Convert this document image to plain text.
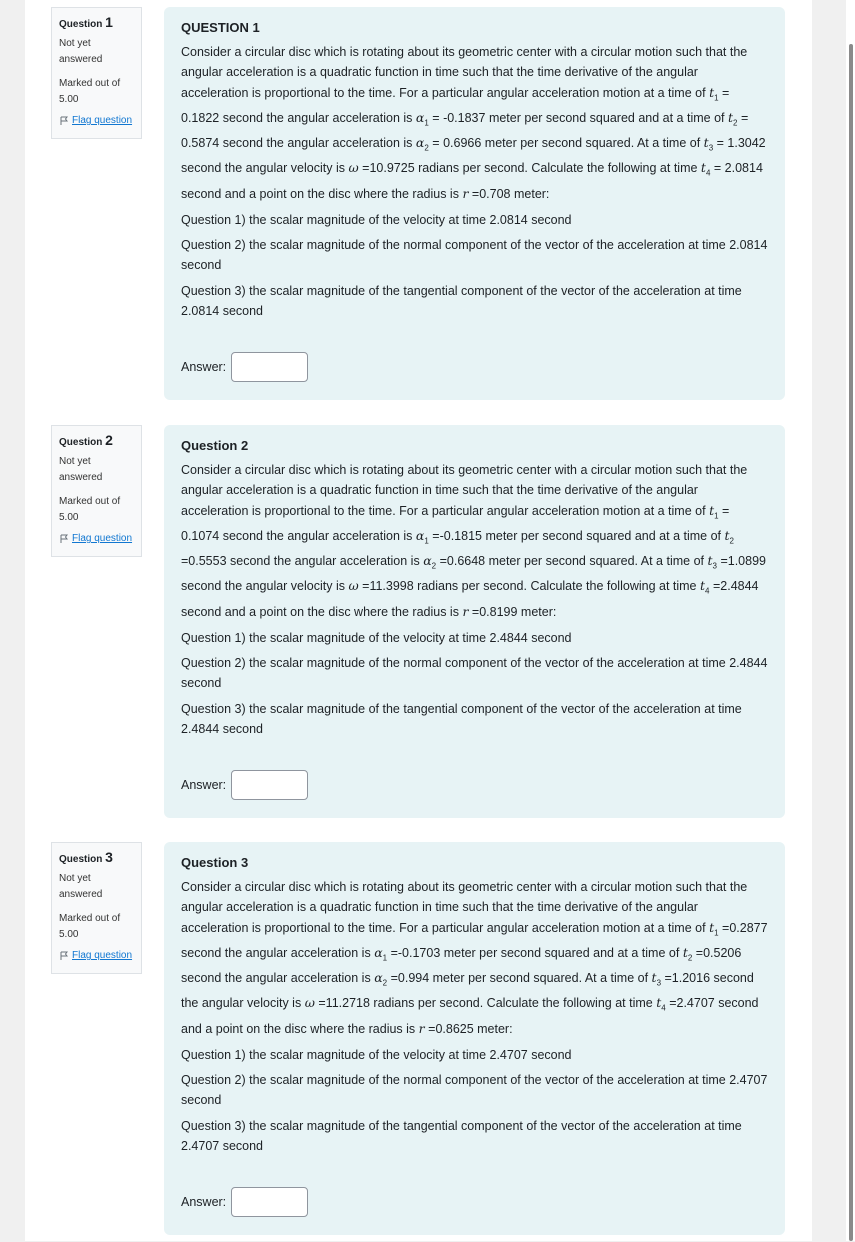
Question 1
Not yet answered
Marked out of 5.00
Flag question
QUESTION 1
Consider a circular disc which is rotating about its geometric center with a circular motion such that the angular acceleration is a quadratic function in time such that the time derivative of the angular acceleration is proportional to the time. For a particular angular acceleration motion at a time of $t_1 = 0.1822$ second the angular acceleration is $\alpha_1 = -0.1837$ meter per second squared and at a time of $t_2 = 0.5874$ second the angular acceleration is $\alpha_2 = 0.6966$ meter per second squared. At a time of $t_3 = 1.3042$ second the angular velocity is ω =10.9725 radians per second. Calculate the following at time $t_4 = 2.0814$ second and a point on the disc where the radius is r =0.708 meter:
Question 1) the scalar magnitude of the velocity at time 2.0814 second
Question 2) the scalar magnitude of the normal component of the vector of the acceleration at time 2.0814 second
Question 3) the scalar magnitude of the tangential component of the vector of the acceleration at time 2.0814 second
Answer:
Question 2
Not yet answered
Marked out of 5.00
Flag question
Question 2
Consider a circular disc which is rotating about its geometric center with a circular motion such that the angular acceleration is a quadratic function in time such that the time derivative of the angular acceleration is proportional to the time. For a particular angular acceleration motion at a time of $t_1 = 0.1074$ second the angular acceleration is $\alpha_1 =-0.1815$ meter per second squared and at a time of $t_2 =0.5553$ second the angular acceleration is $\alpha_2 =0.6648$ meter per second squared. At a time of $t_3 =1.0899$ second the angular velocity is ω =11.3998 radians per second. Calculate the following at time $t_4 =2.4844$ second and a point on the disc where the radius is r =0.8199 meter:
Question 1) the scalar magnitude of the velocity at time 2.4844 second
Question 2) the scalar magnitude of the normal component of the vector of the acceleration at time 2.4844 second
Question 3) the scalar magnitude of the tangential component of the vector of the acceleration at time 2.4844 second
Answer:
Question 3
Not yet answered
Marked out of 5.00
Flag question
Question 3
Consider a circular disc which is rotating about its geometric center with a circular motion such that the angular acceleration is a quadratic function in time such that the time derivative of the angular acceleration is proportional to the time. For a particular angular acceleration motion at a time of $t_1 =0.2877$ second the angular acceleration is $\alpha_1 =-0.1703$ meter per second squared and at a time of $t_2 =0.5206$ second the angular acceleration is $\alpha_2 =0.994$ meter per second squared. At a time of $t_3 =1.2016$ second the angular velocity is ω =11.2718 radians per second. Calculate the following at time $t_4 =2.4707$ second and a point on the disc where the radius is r =0.8625 meter:
Question 1) the scalar magnitude of the velocity at time 2.4707 second
Question 2) the scalar magnitude of the normal component of the vector of the acceleration at time 2.4707 second
Question 3) the scalar magnitude of the tangential component of the vector of the acceleration at time 2.4707 second
Answer:
